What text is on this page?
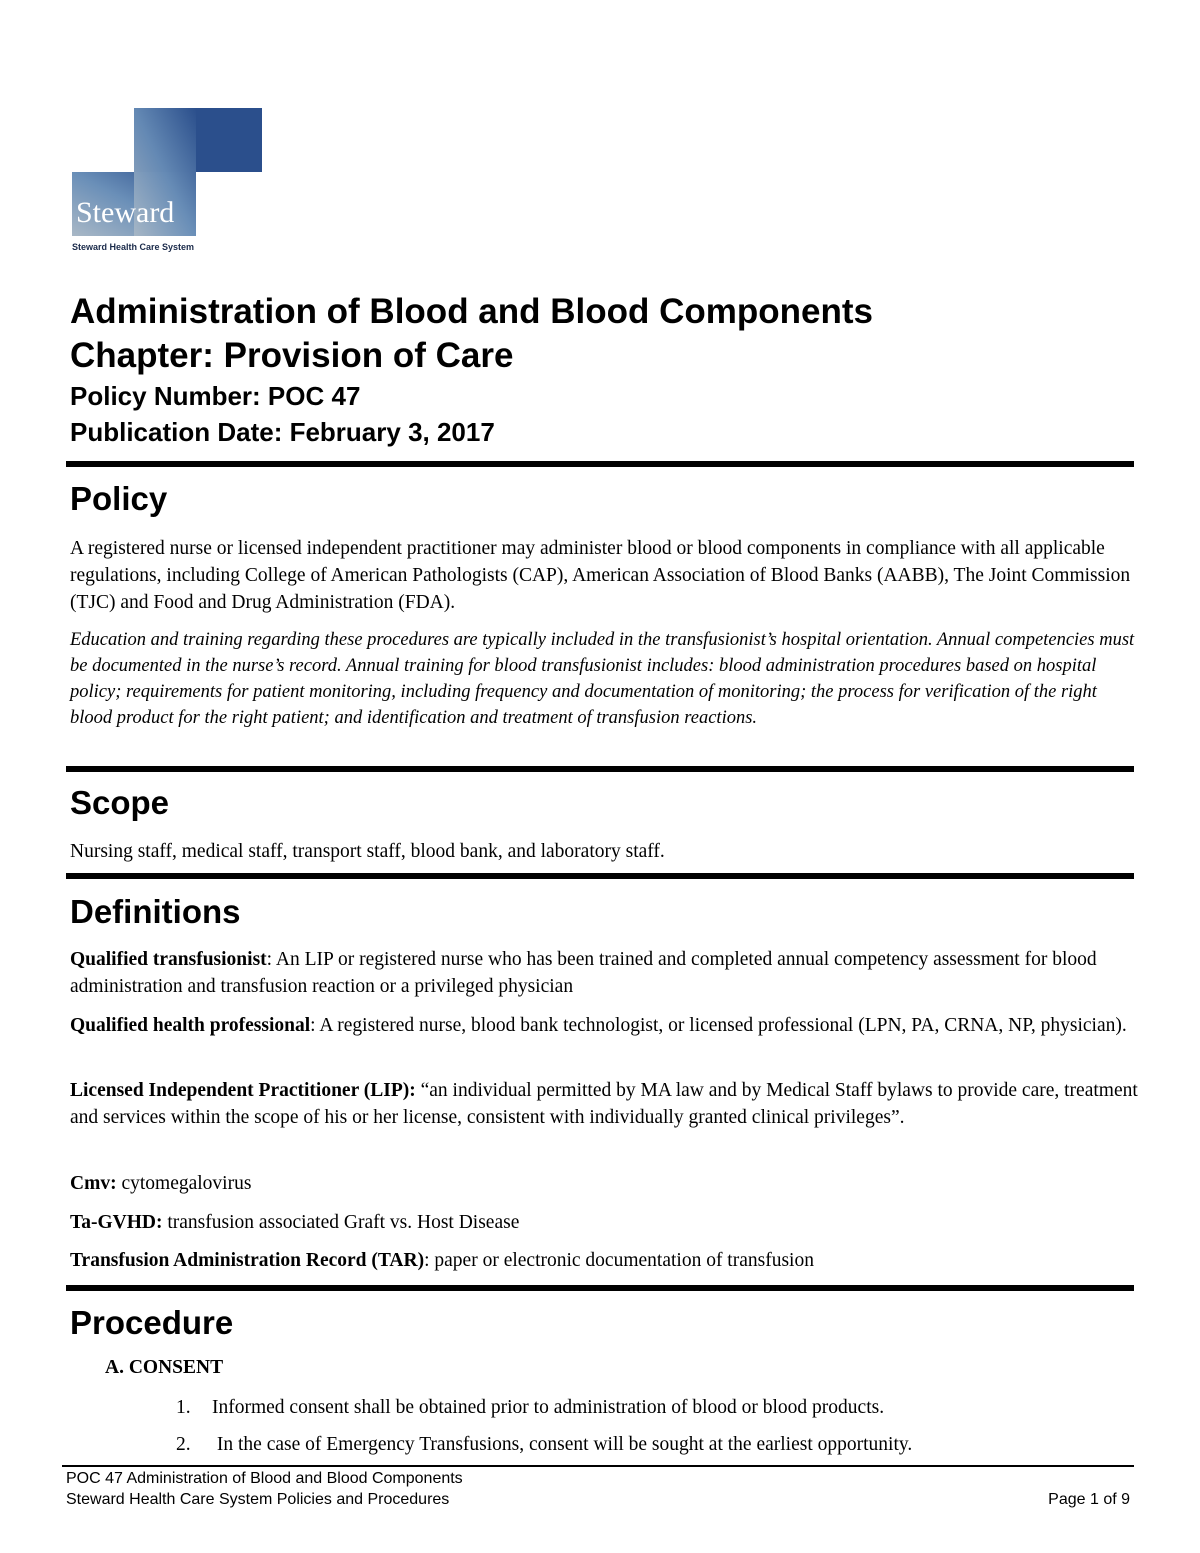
Steward
Steward Health Care System

Administration of Blood and Blood Components

Chapter: Provision of Care

Policy Number: POC 47

Publication Date: February 3, 2017

Policy

A registered nurse or licensed independent practitioner may administer blood or blood components in compliance with all applicable regulations, including College of American Pathologists (CAP), American Association of Blood Banks (AABB), The Joint Commission (TJC) and Food and Drug Administration (FDA).

Education and training regarding these procedures are typically included in the transfusionist’s hospital orientation. Annual competencies must be documented in the nurse’s record. Annual training for blood transfusionist includes: blood administration procedures based on hospital policy; requirements for patient monitoring, including frequency and documentation of monitoring; the process for verification of the right blood product for the right patient; and identification and treatment of transfusion reactions.

Scope

Nursing staff, medical staff, transport staff, blood bank, and laboratory staff.

Definitions

Qualified transfusionist: An LIP or registered nurse who has been trained and completed annual competency assessment for blood administration and transfusion reaction or a privileged physician

Qualified health professional: A registered nurse, blood bank technologist, or licensed professional (LPN, PA, CRNA, NP, physician).

Licensed Independent Practitioner (LIP): “an individual permitted by MA law and by Medical Staff bylaws to provide care, treatment and services within the scope of his or her license, consistent with individually granted clinical privileges”.

Cmv: cytomegalovirus

Ta-GVHD: transfusion associated Graft vs. Host Disease

Transfusion Administration Record (TAR): paper or electronic documentation of transfusion

Procedure

A. CONSENT

1. Informed consent shall be obtained prior to administration of blood or blood products.

2. In the case of Emergency Transfusions, consent will be sought at the earliest opportunity.

POC 47 Administration of Blood and Blood Components

Steward Health Care System Policies and Procedures	Page 1 of 9
